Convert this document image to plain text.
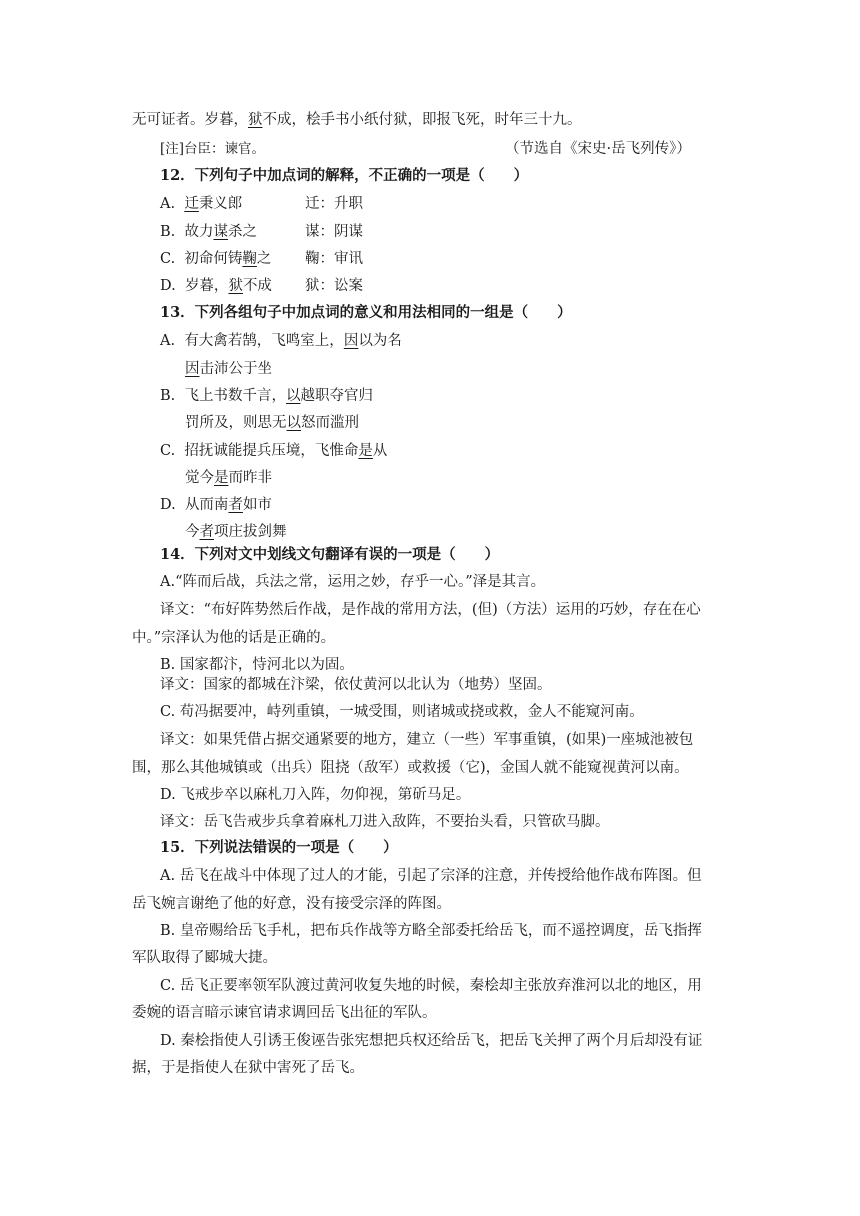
无可证者。岁暮，狱不成，桧手书小纸付狱，即报飞死，时年三十九。
[注]台臣：谏官。	（节选自《宋史·岳飞列传》）
12．下列句子中加点词的解释，不正确的一项是（　　）
A. 迁秉义郎	迁：升职
B. 故力谋杀之	谋：阴谋
C. 初命何铸鞠之 鞠：审讯
D. 岁暮，狱不成 狱：讼案
13．下列各组句子中加点词的意义和用法相同的一组是（　　）
A. 有大禽若鹄，飞鸣室上，因以为名
因击沛公于坐
B. 飞上书数千言，以越职夺官归
罚所及，则思无以怒而滥刑
C. 招抚诚能提兵压境，飞惟命是从
觉今是而昨非
D. 从而南者如市
今者项庄拔剑舞
14．下列对文中划线文句翻译有误的一项是（　　）
A.“阵而后战，兵法之常，运用之妙，存乎一心。”泽是其言。
译文：“布好阵势然后作战，是作战的常用方法，(但)（方法）运用的巧妙，存在在心
中。”宗泽认为他的话是正确的。
B. 国家都汴，恃河北以为固。
译文：国家的都城在汴梁，依仗黄河以北认为（地势）坚固。
C. 苟冯据要冲，峙列重镇，一城受围，则诸城或挠或救，金人不能窥河南。
译文：如果凭借占据交通紧要的地方，建立（一些）军事重镇，(如果)一座城池被包
围，那么其他城镇或（出兵）阻挠（敌军）或救援（它)，金国人就不能窥视黄河以南。
D. 飞戒步卒以麻札刀入阵，勿仰视，第斫马足。
译文：岳飞告戒步兵拿着麻札刀进入敌阵，不要抬头看，只管砍马脚。
15．下列说法错误的一项是（　　）
A. 岳飞在战斗中体现了过人的才能，引起了宗泽的注意，并传授给他作战布阵图。但
岳飞婉言谢绝了他的好意，没有接受宗泽的阵图。
B. 皇帝赐给岳飞手札，把布兵作战等方略全部委托给岳飞，而不遥控调度，岳飞指挥
军队取得了郾城大捷。
C. 岳飞正要率领军队渡过黄河收复失地的时候，秦桧却主张放弃淮河以北的地区，用
委婉的语言暗示谏官请求调回岳飞出征的军队。
D. 秦桧指使人引诱王俊诬告张宪想把兵权还给岳飞，把岳飞关押了两个月后却没有证
据，于是指使人在狱中害死了岳飞。
